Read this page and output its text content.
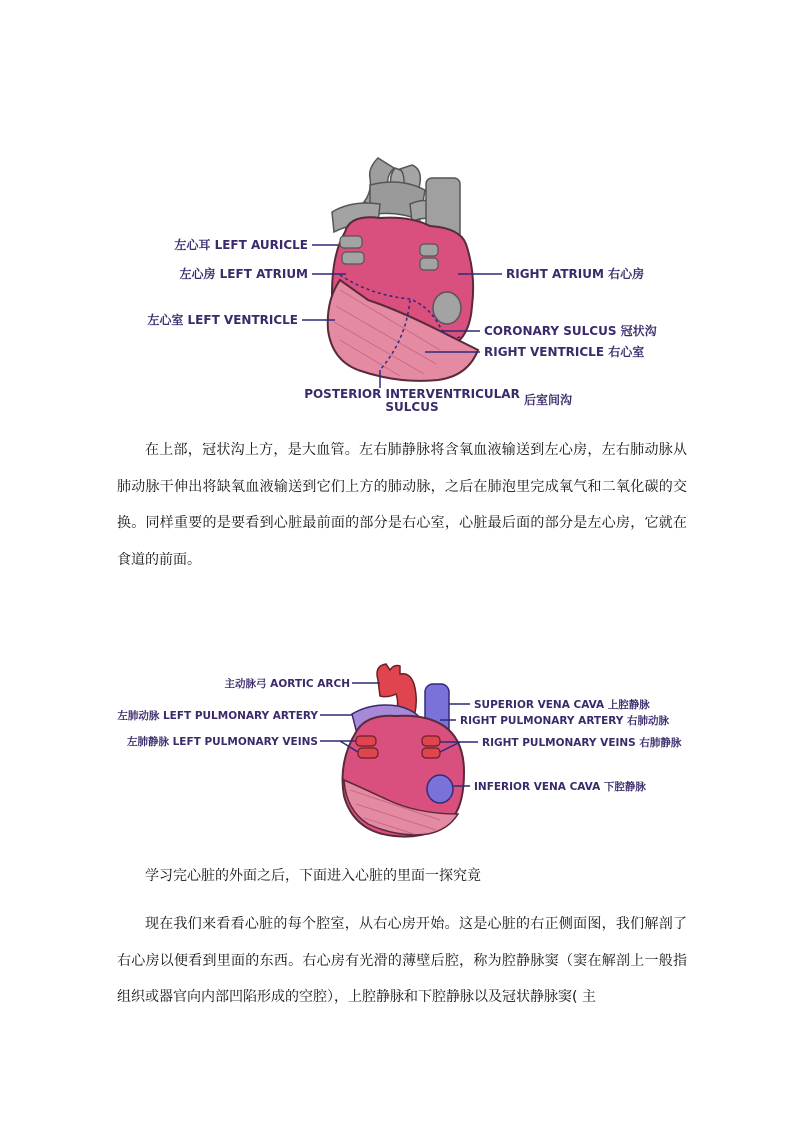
左心耳 LEFT AURICLE
左心房 LEFT ATRIUM
左心室 LEFT VENTRICLE
RIGHT ATRIUM 右心房
CORONARY SULCUS 冠状沟
RIGHT VENTRICLE 右心室
POSTERIOR INTERVENTRICULAR
SULCUS	后室间沟
主动脉弓 AORTIC ARCH
左肺动脉 LEFT PULMONARY ARTERY
左肺静脉 LEFT PULMONARY VEINS
SUPERIOR VENA CAVA 上腔静脉
RIGHT PULMONARY ARTERY 右肺动脉
RIGHT PULMONARY VEINS 右肺静脉
INFERIOR VENA CAVA 下腔静脉

在上部，冠状沟上方，是大血管。左右肺静脉将含氧血液输送到左心房，左右肺动脉从肺动脉干伸出将缺氧血液输送到它们上方的肺动脉，之后在肺泡里完成氧气和二氧化碳的交换。同样重要的是要看到心脏最前面的部分是右心室，心脏最后面的部分是左心房，它就在食道的前面。

学习完心脏的外面之后，下面进入心脏的里面一探究竟

现在我们来看看心脏的每个腔室，从右心房开始。这是心脏的右正侧面图，我们解剖了右心房以便看到里面的东西。右心房有光滑的薄壁后腔，称为腔静脉窦（窦在解剖上一般指组织或器官向内部凹陷形成的空腔），上腔静脉和下腔静脉以及冠状静脉窦( 主
